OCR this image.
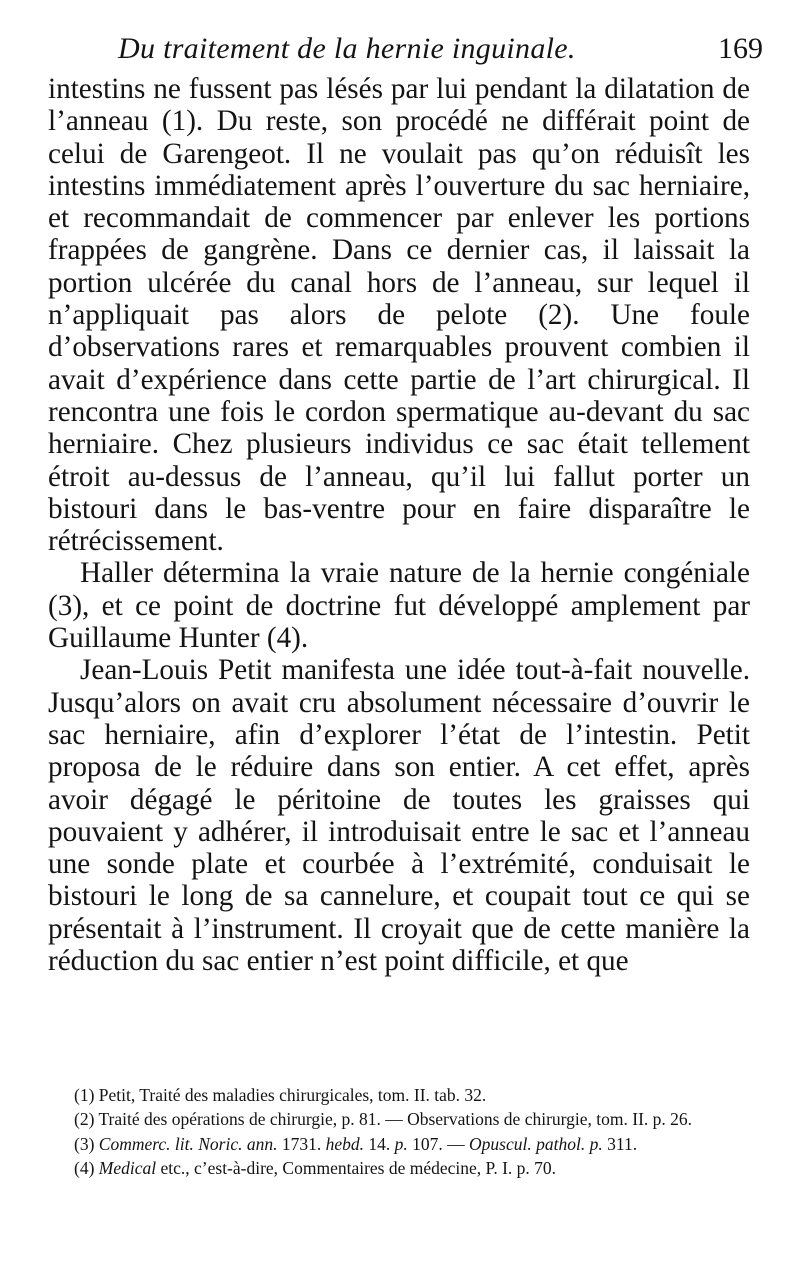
Du traitement de la hernie inguinale.	169

intestins ne fussent pas lésés par lui pendant la dilatation de l’anneau (1). Du reste, son procédé ne différait point de celui de Garengeot. Il ne voulait pas qu’on réduisît les intestins immédiatement après l’ouverture du sac herniaire, et recommandait de commencer par enlever les portions frappées de gangrène. Dans ce dernier cas, il laissait la portion ulcérée du canal hors de l’anneau, sur lequel il n’appliquait pas alors de pelote (2). Une foule d’observations rares et remarquables prouvent combien il avait d’expérience dans cette partie de l’art chirurgical. Il rencontra une fois le cordon spermatique au-devant du sac herniaire. Chez plusieurs individus ce sac était tellement étroit au-dessus de l’anneau, qu’il lui fallut porter un bistouri dans le bas-ventre pour en faire disparaître le rétrécissement.

Haller détermina la vraie nature de la hernie congéniale (3), et ce point de doctrine fut développé amplement par Guillaume Hunter (4).

Jean-Louis Petit manifesta une idée tout-à-fait nouvelle. Jusqu’alors on avait cru absolument nécessaire d’ouvrir le sac herniaire, afin d’explorer l’état de l’intestin. Petit proposa de le réduire dans son entier. A cet effet, après avoir dégagé le péritoine de toutes les graisses qui pouvaient y adhérer, il introduisait entre le sac et l’anneau une sonde plate et courbée à l’extrémité, conduisait le bistouri le long de sa cannelure, et coupait tout ce qui se présentait à l’instrument. Il croyait que de cette manière la réduction du sac entier n’est point difficile, et que

(1) Petit, Traité des maladies chirurgicales, tom. II. tab. 32.

(2) Traité des opérations de chirurgie, p. 81. — Observations de chirurgie, tom. II. p. 26.

(3) Commerc. lit. Noric. ann. 1731. hebd. 14. p. 107. — Opuscul. pathol. p. 311.

(4) Medical etc., c’est-à-dire, Commentaires de médecine, P. I. p. 70.
